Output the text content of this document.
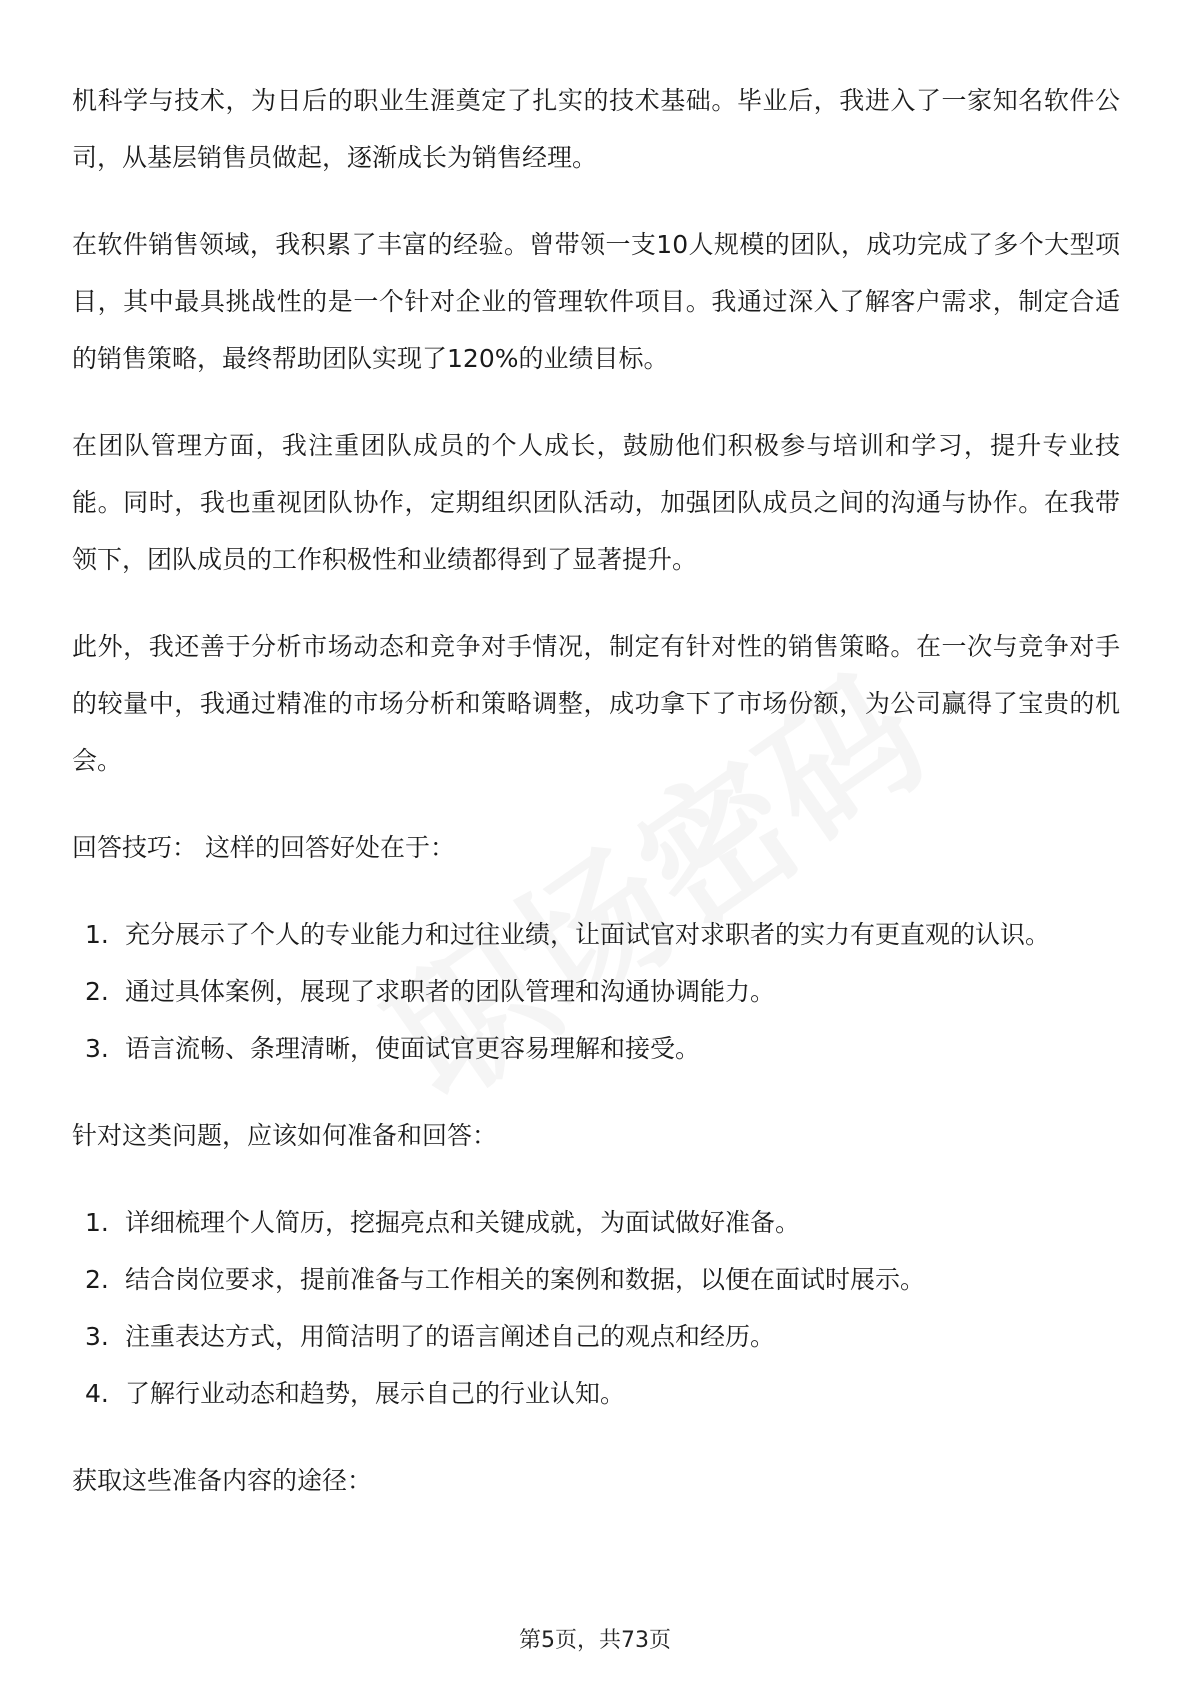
机科学与技术，为日后的职业生涯奠定了扎实的技术基础。毕业后，我进入了一家知名软件公司，从基层销售员做起，逐渐成长为销售经理。

在软件销售领域，我积累了丰富的经验。曾带领一支10人规模的团队，成功完成了多个大型项目，其中最具挑战性的是一个针对企业的管理软件项目。我通过深入了解客户需求，制定合适的销售策略，最终帮助团队实现了120%的业绩目标。

在团队管理方面，我注重团队成员的个人成长，鼓励他们积极参与培训和学习，提升专业技能。同时，我也重视团队协作，定期组织团队活动，加强团队成员之间的沟通与协作。在我带领下，团队成员的工作积极性和业绩都得到了显著提升。

此外，我还善于分析市场动态和竞争对手情况，制定有针对性的销售策略。在一次与竞争对手的较量中，我通过精准的市场分析和策略调整，成功拿下了市场份额，为公司赢得了宝贵的机会。

回答技巧： 这样的回答好处在于：

1. 充分展示了个人的专业能力和过往业绩，让面试官对求职者的实力有更直观的认识。
2. 通过具体案例，展现了求职者的团队管理和沟通协调能力。
3. 语言流畅、条理清晰，使面试官更容易理解和接受。

针对这类问题，应该如何准备和回答：

1. 详细梳理个人简历，挖掘亮点和关键成就，为面试做好准备。
2. 结合岗位要求，提前准备与工作相关的案例和数据，以便在面试时展示。
3. 注重表达方式，用简洁明了的语言阐述自己的观点和经历。
4. 了解行业动态和趋势，展示自己的行业认知。

获取这些准备内容的途径：

第5页，共73页
